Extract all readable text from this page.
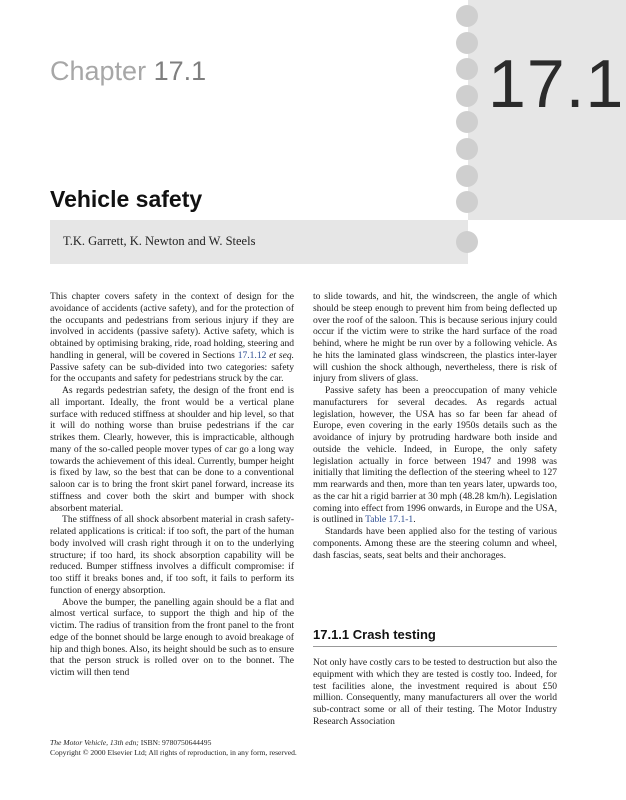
17.1
Chapter 17.1
Vehicle safety
T.K. Garrett, K. Newton and W. Steels

This chapter covers safety in the context of design for the avoidance of accidents (active safety), and for the protection of the occupants and pedestrians from serious injury if they are involved in accidents (passive safety). Active safety, which is obtained by optimising braking, ride, road holding, steering and handling in general, will be covered in Sections 17.1.12 et seq. Passive safety can be sub-divided into two categories: safety for the occupants and safety for pedestrians struck by the car.

As regards pedestrian safety, the design of the front end is all important. Ideally, the front would be a vertical plane surface with reduced stiffness at shoulder and hip level, so that it will do nothing worse than bruise pedestrians if the car strikes them. Clearly, however, this is impracticable, although many of the so-called people mover types of car go a long way towards the achievement of this ideal. Currently, bumper height is fixed by law, so the best that can be done to a conventional saloon car is to bring the front skirt panel forward, increase its stiffness and cover both the skirt and bumper with shock absorbent material.

The stiffness of all shock absorbent material in crash safety-related applications is critical: if too soft, the part of the human body involved will crash right through it on to the underlying structure; if too hard, its shock absorption capability will be reduced. Bumper stiffness involves a difficult compromise: if too stiff it breaks bones and, if too soft, it fails to perform its function of energy absorption.

Above the bumper, the panelling again should be a flat and almost vertical surface, to support the thigh and hip of the victim. The radius of transition from the front panel to the front edge of the bonnet should be large enough to avoid breakage of hip and thigh bones. Also, its height should be such as to ensure that the person struck is rolled over on to the bonnet. The victim will then tend

to slide towards, and hit, the windscreen, the angle of which should be steep enough to prevent him from being deflected up over the roof of the saloon. This is because serious injury could occur if the victim were to strike the hard surface of the road behind, where he might be run over by a following vehicle. As he hits the laminated glass windscreen, the plastics inter-layer will cushion the shock although, nevertheless, there is risk of injury from slivers of glass.

Passive safety has been a preoccupation of many vehicle manufacturers for several decades. As regards actual legislation, however, the USA has so far been far ahead of Europe, even covering in the early 1950s details such as the avoidance of injury by protruding hardware both inside and outside the vehicle. Indeed, in Europe, the only safety legislation actually in force between 1947 and 1998 was initially that limiting the deflection of the steering wheel to 127 mm rearwards and then, more than ten years later, upwards too, as the car hit a rigid barrier at 30 mph (48.28 km/h). Legislation coming into effect from 1996 onwards, in Europe and the USA, is outlined in Table 17.1-1.

Standards have been applied also for the testing of various components. Among these are the steering column and wheel, dash fascias, seats, seat belts and their anchorages.

17.1.1 Crash testing

Not only have costly cars to be tested to destruction but also the equipment with which they are tested is costly too. Indeed, for test facilities alone, the investment required is about £50 million. Consequently, many manufacturers all over the world sub-contract some or all of their testing. The Motor Industry Research Association

The Motor Vehicle, 13th edn; ISBN: 9780750644495
Copyright © 2000 Elsevier Ltd; All rights of reproduction, in any form, reserved.
